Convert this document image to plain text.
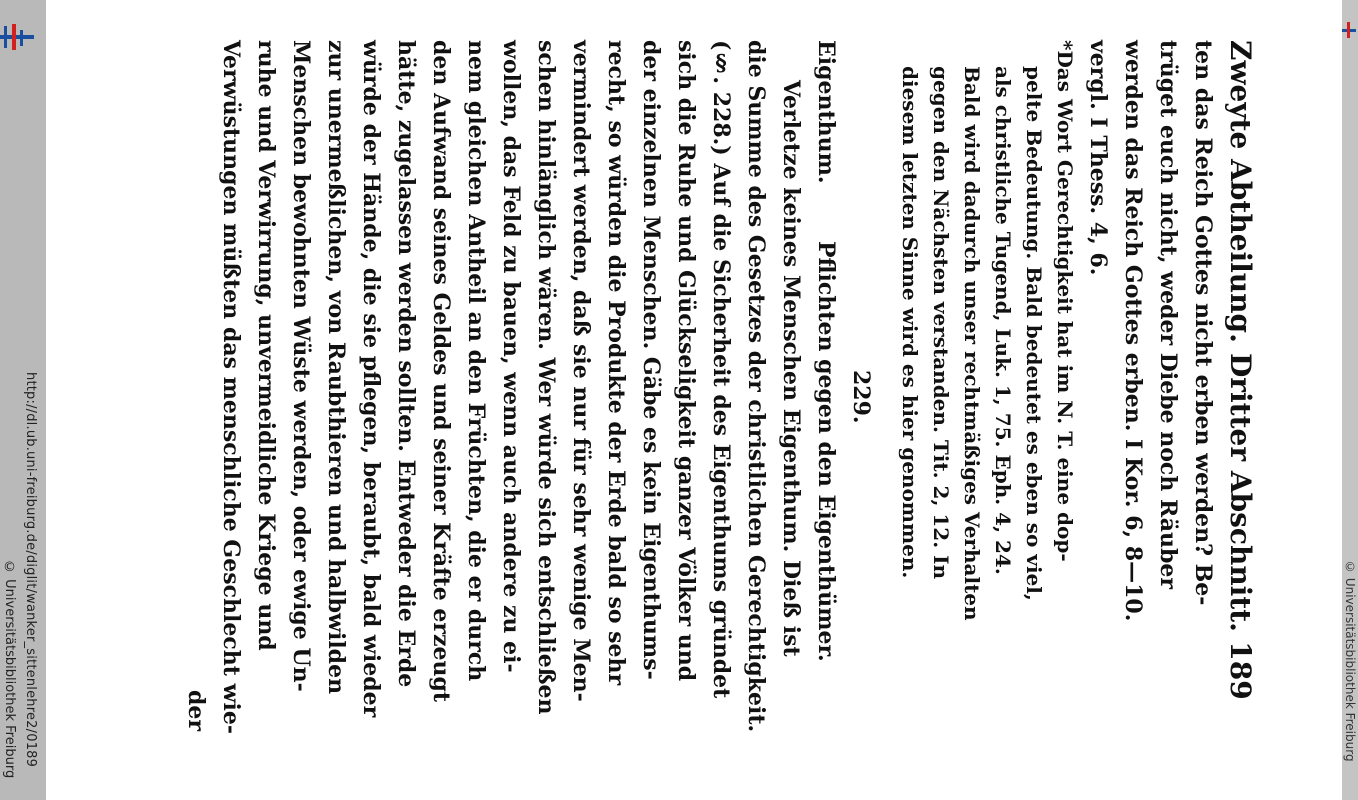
http://dl.ub.uni-freiburg.de/diglit/wanker_sittenlehre2/0189
© Universitätsbibliothek Freiburg	© Universitätsbibliothek Freiburg

Zweyte Abtheilung. Dritter Abschnitt. 189

ten das Reich Gottes nicht erben werden? Be-

trüget euch nicht, weder Diebe noch Räuber

werden das Reich Gottes erben. I Kor. 6, 8—10.

vergl. I Thess. 4, 6.

*Das Wort Gerechtigkeit hat im N. T. eine dop-

pelte Bedeutung. Bald bedeutet es eben so viel,

als christliche Tugend, Luk. 1, 75. Eph. 4, 24.

Bald wird dadurch unser rechtmäßiges Verhalten

gegen den Nächsten verstanden. Tit. 2, 12. In

diesem letzten Sinne wird es hier genommen.

229.

Eigenthum. Pflichten gegen den Eigenthümer.

Verletze keines Menschen Eigenthum. Dieß ist

die Summe des Gesetzes der christlichen Gerechtigkeit.

(§. 228.) Auf die Sicherheit des Eigenthums gründet

sich die Ruhe und Glückseligkeit ganzer Völker und

der einzelnen Menschen. Gäbe es kein Eigenthums-

recht, so würden die Produkte der Erde bald so sehr

vermindert werden, daß sie nur für sehr wenige Men-

schen hinlänglich wären. Wer würde sich entschließen

wollen, das Feld zu bauen, wenn auch andere zu ei-

nem gleichen Antheil an den Früchten, die er durch

den Aufwand seines Geldes und seiner Kräfte erzeugt

hätte, zugelassen werden sollten. Entweder die Erde

würde der Hände, die sie pflegen, beraubt, bald wieder

zur unermeßlichen, von Raubthieren und halbwilden

Menschen bewohnten Wüste werden, oder ewige Un-

ruhe und Verwirrung, unvermeidliche Kriege und

Verwüstungen müßten das menschliche Geschlecht wie-

der
